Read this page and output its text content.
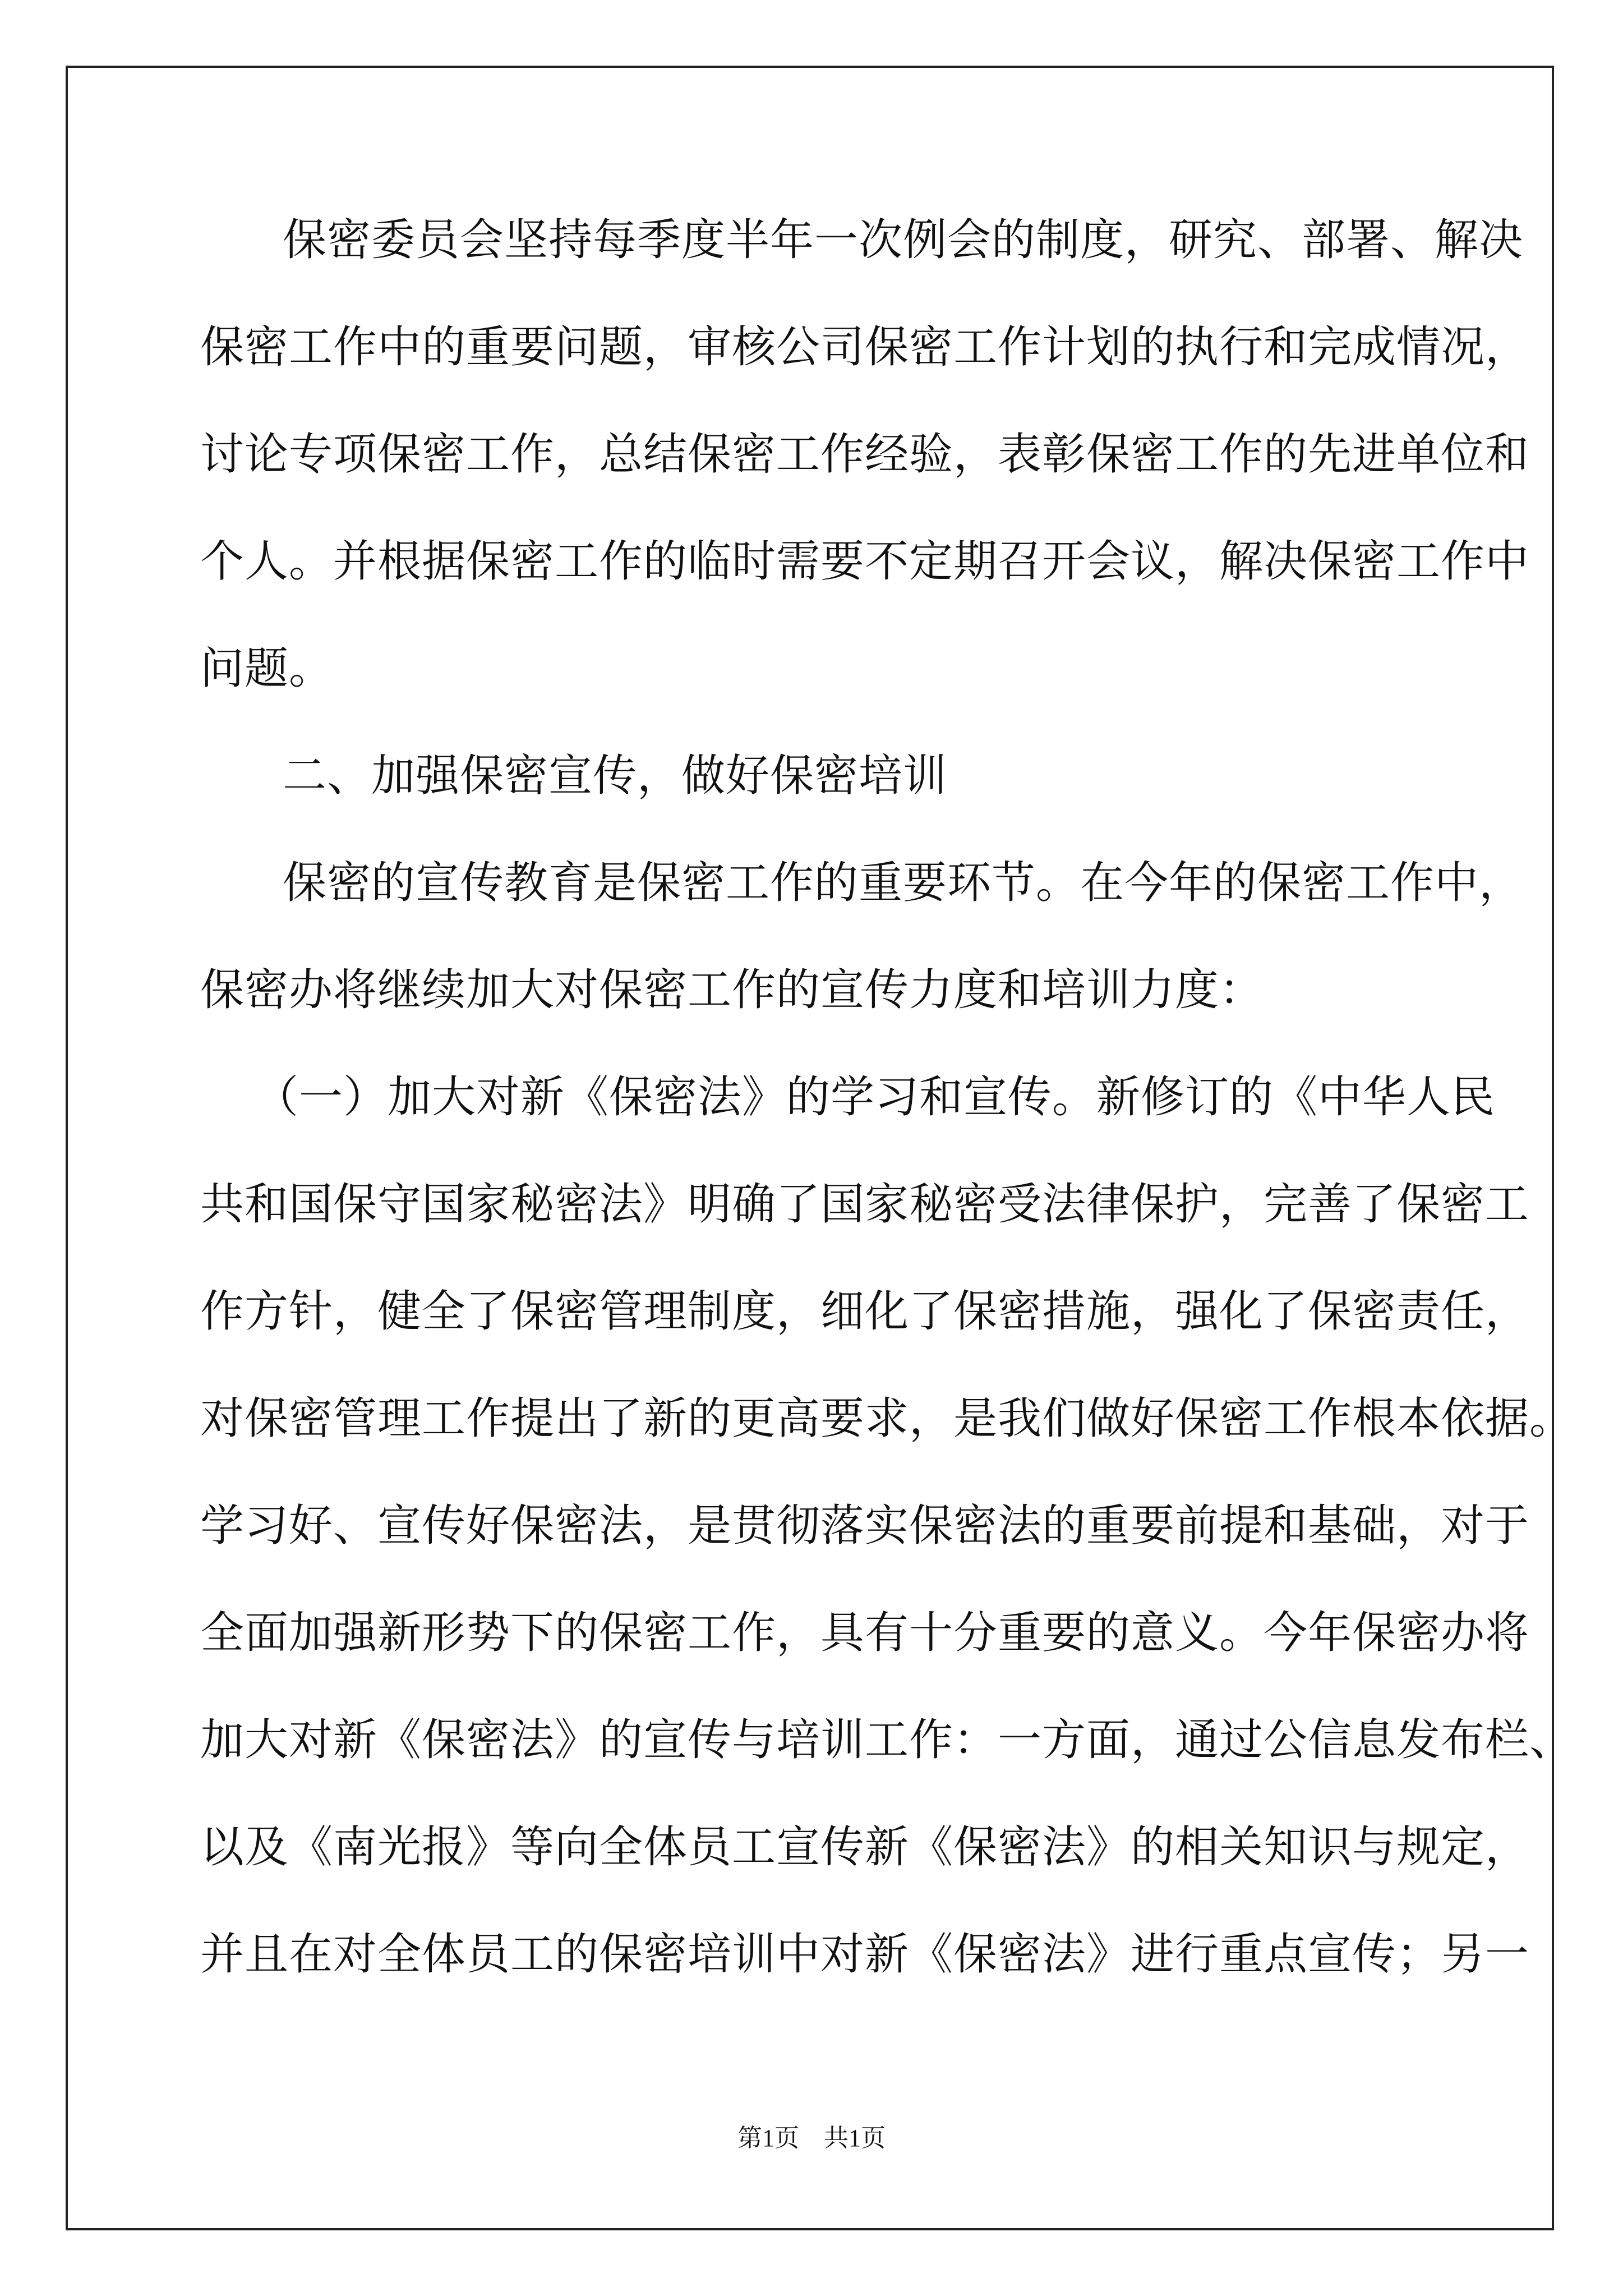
保密委员会坚持每季度半年一次例会的制度，研究、部署、解决
保密工作中的重要问题，审核公司保密工作计划的执行和完成情况，
讨论专项保密工作，总结保密工作经验，表彰保密工作的先进单位和
个人。并根据保密工作的临时需要不定期召开会议，解决保密工作中
问题。
二、加强保密宣传，做好保密培训
保密的宣传教育是保密工作的重要环节。在今年的保密工作中，
保密办将继续加大对保密工作的宣传力度和培训力度：
（一）加大对新《保密法》的学习和宣传。新修订的《中华人民
共和国保守国家秘密法》明确了国家秘密受法律保护，完善了保密工
作方针，健全了保密管理制度，细化了保密措施，强化了保密责任，
对保密管理工作提出了新的更高要求，是我们做好保密工作根本依据。
学习好、宣传好保密法，是贯彻落实保密法的重要前提和基础，对于
全面加强新形势下的保密工作，具有十分重要的意义。今年保密办将
加大对新《保密法》的宣传与培训工作：一方面，通过公信息发布栏、
以及《南光报》等向全体员工宣传新《保密法》的相关知识与规定，
并且在对全体员工的保密培训中对新《保密法》进行重点宣传；另一
第1页　共1页
